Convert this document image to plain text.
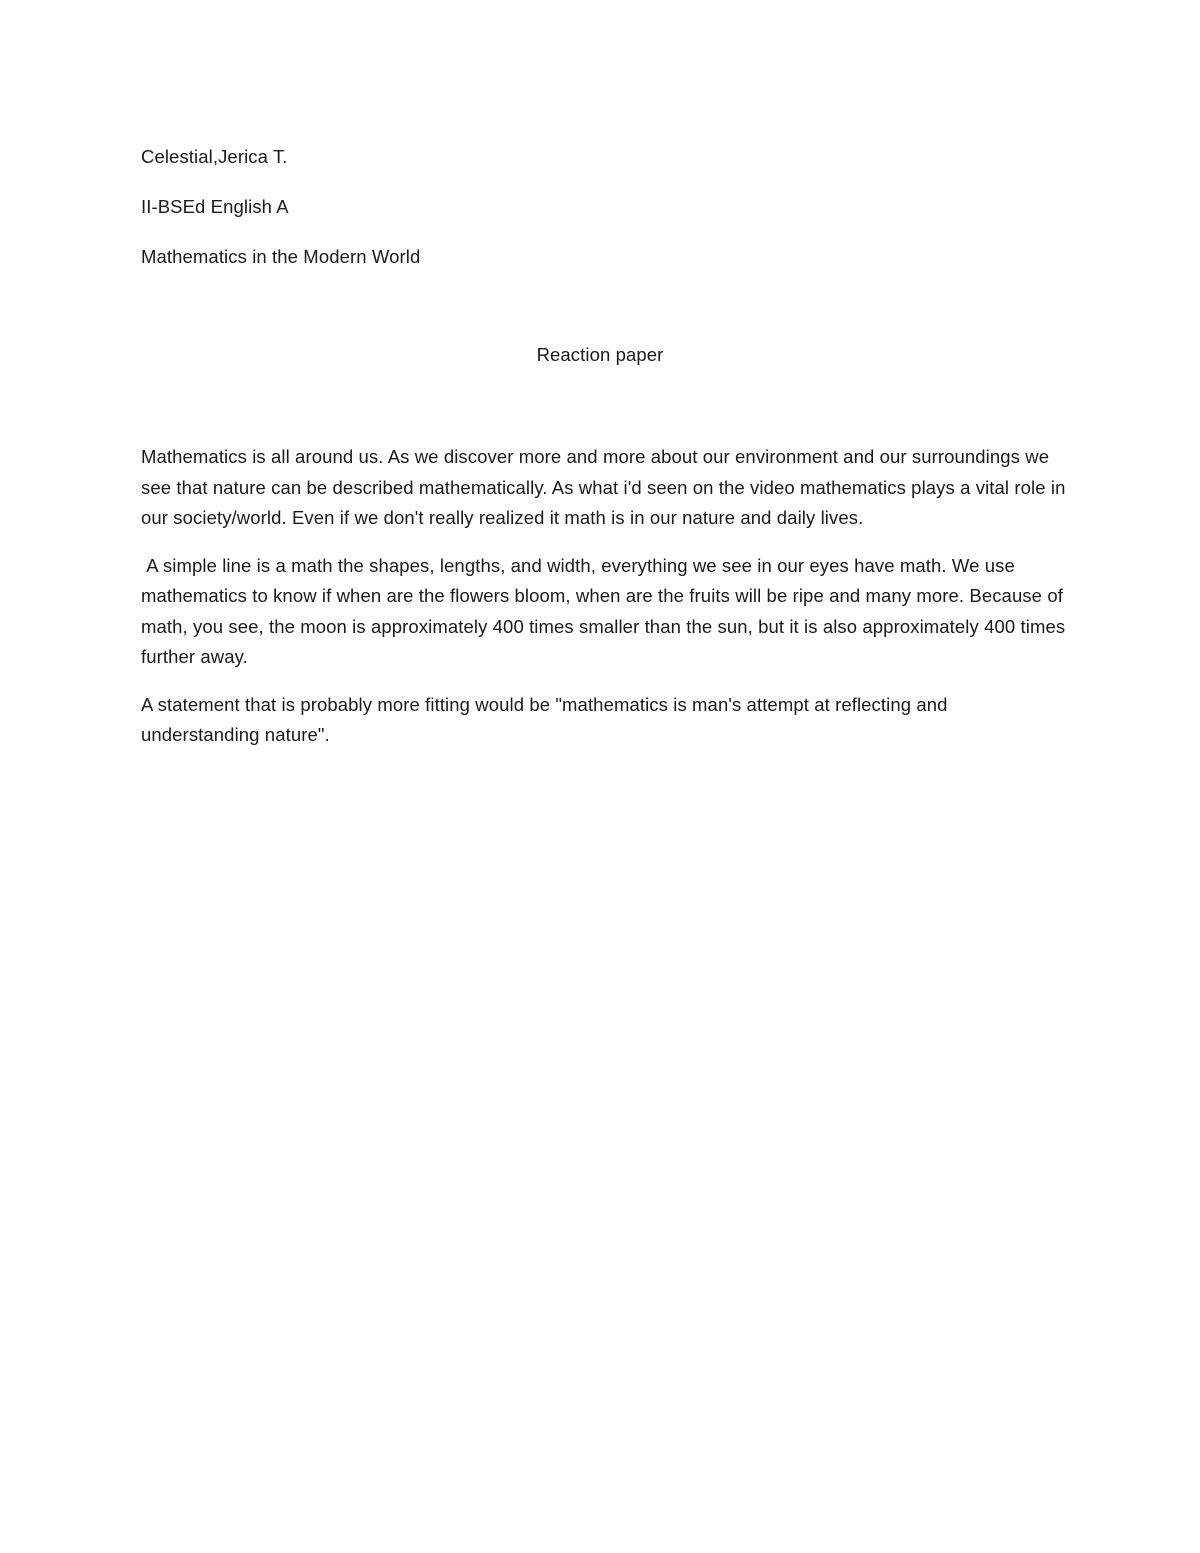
Celestial,Jerica T.

II-BSEd English A

Mathematics in the Modern World

Reaction paper

Mathematics is all around us. As we discover more and more about our environment and our surroundings we see that nature can be described mathematically. As what i'd seen on the video mathematics plays a vital role in our society/world. Even if we don't really realized it math is in our nature and daily lives.

A simple line is a math the shapes, lengths, and width, everything we see in our eyes have math. We use mathematics to know if when are the flowers bloom, when are the fruits will be ripe and many more. Because of math, you see, the moon is approximately 400 times smaller than the sun, but it is also approximately 400 times further away.

A statement that is probably more fitting would be "mathematics is man's attempt at reflecting and understanding nature".
